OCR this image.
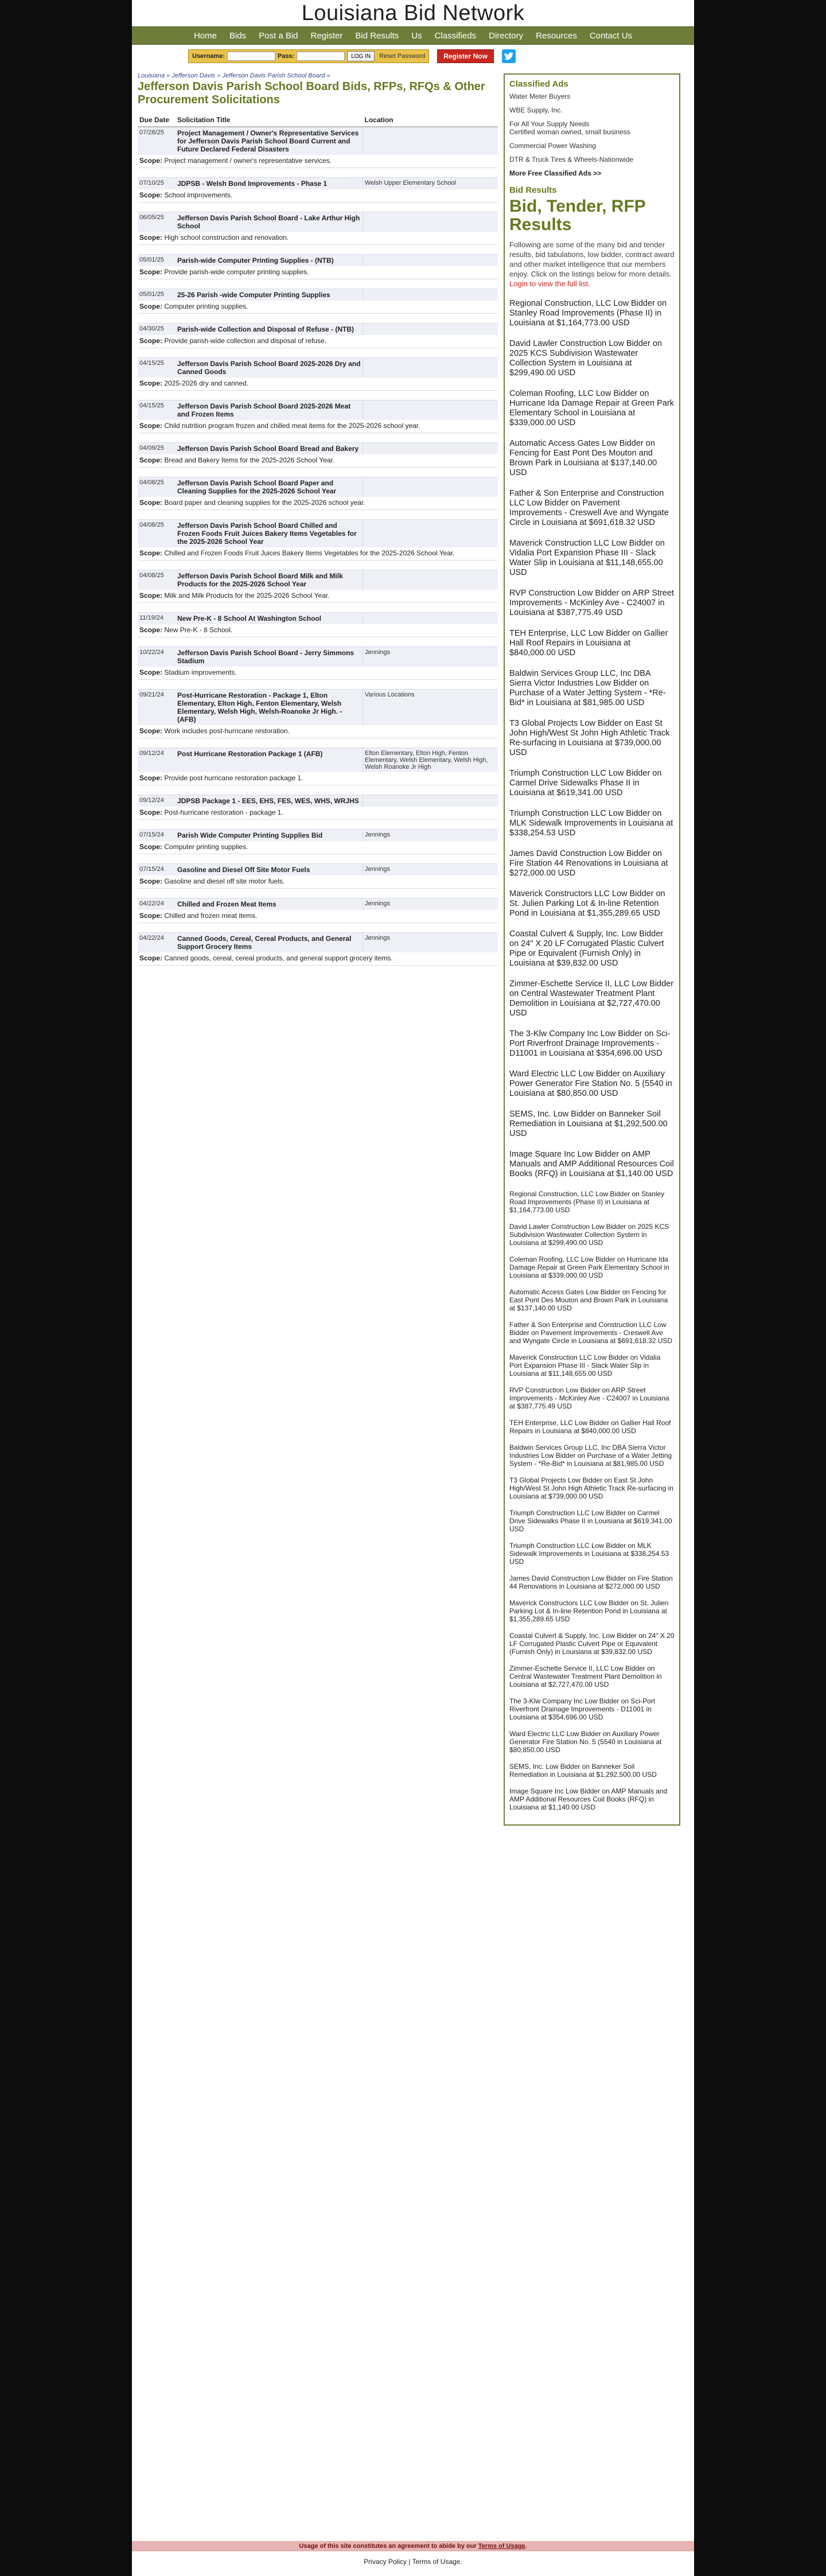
Louisiana Bid Network
Home	Bids	Post a Bid	Register	Bid Results	Us	Classifieds	Directory	Resources	Contact Us
Username:	Pass:	LOG IN	Reset Password	Register Now
Louisiana » Jefferson Davis » Jefferson Davis Parish School Board »
Jefferson Davis Parish School Board Bids, RFPs, RFQs & Other Procurement Solicitations
Due Date	Solicitation Title	Location
07/28/25	Project Management / Owner's Representative Services for Jefferson Davis Parish School Board Current and Future Declared Federal Disasters	
Scope: Project management / owner's representative services.		

07/10/25	JDPSB - Welsh Bond Improvements - Phase 1	Welsh Upper Elementary School
Scope: School improvements.		

06/05/25	Jefferson Davis Parish School Board - Lake Arthur High School	
Scope: High school construction and renovation.		

05/01/25	Parish-wide Computer Printing Supplies - (NTB)	
Scope: Provide parish-wide computer printing supplies.		

05/01/25	25-26 Parish -wide Computer Printing Supplies	
Scope: Computer printing supplies.		

04/30/25	Parish-wide Collection and Disposal of Refuse - (NTB)	
Scope: Provide parish-wide collection and disposal of refuse.		

04/15/25	Jefferson Davis Parish School Board 2025-2026 Dry and Canned Goods	
Scope: 2025-2026 dry and canned.		

04/15/25	Jefferson Davis Parish School Board 2025-2026 Meat and Frozen Items	
Scope: Child nutrition program frozen and chilled meat items for the 2025-2026 school year.		

04/09/25	Jefferson Davis Parish School Board Bread and Bakery	
Scope: Bread and Bakery Items for the 2025-2026 School Year.		

04/08/25	Jefferson Davis Parish School Board Paper and Cleaning Supplies for the 2025-2026 School Year	
Scope: Board paper and cleaning supplies for the 2025-2026 school year.		

04/08/25	Jefferson Davis Parish School Board Chilled and Frozen Foods Fruit Juices Bakery Items Vegetables for the 2025-2026 School Year	
Scope: Chilled and Frozen Foods Fruit Juices Bakery Items Vegetables for the 2025-2026 School Year.		

04/08/25	Jefferson Davis Parish School Board Milk and Milk Products for the 2025-2026 School Year	
Scope: Milk and Milk Products for the 2025-2026 School Year.		

11/19/24	New Pre-K - 8 School At Washington School	
Scope: New Pre-K - 8 School.		

10/22/24	Jefferson Davis Parish School Board - Jerry Simmons Stadium	Jennings
Scope: Stadium improvements.		

09/21/24	Post-Hurricane Restoration - Package 1, Elton Elementary, Elton High, Fenton Elementary, Welsh Elementary, Welsh High, Welsh-Roanoke Jr High. - (AFB)	Various Locations
Scope: Work includes post-hurricane restoration.		

09/12/24	Post Hurricane Restoration Package 1 (AFB)	Elton Elementary, Elton High, Fenton Elementary, Welsh Elementary, Welsh High, Welsh Roanoke Jr High
Scope: Provide post hurricane restoration package 1.		

09/12/24	JDPSB Package 1 - EES, EHS, FES, WES, WHS, WRJHS	
Scope: Post-hurricane restoration - package 1.		

07/15/24	Parish Wide Computer Printing Supplies Bid	Jennings
Scope: Computer printing supplies.		

07/15/24	Gasoline and Diesel Off Site Motor Fuels	Jennings
Scope: Gasoline and diesel off site motor fuels.		

04/22/24	Chilled and Frozen Meat Items	Jennings
Scope: Chilled and frozen meat items.		

04/22/24	Canned Goods, Cereal, Cereal Products, and General Support Grocery Items	Jennings
Scope: Canned goods, cereal, cereal products, and general support grocery items.		

Classified Ads
Water Meter Buyers
WBE Supply, Inc.
For All Your Supply Needs
Certified woman owned, small business
Commercial Power Washing
DTR & Truck Tires & Wheels-Nationwide
More Free Classified Ads >>
Bid Results
Bid, Tender, RFP Results
Following are some of the many bid and tender results, bid tabulations, low bidder, contract award and other market intelligence that our members enjoy. Click on the listings below for more details. Login to view the full list.
Regional Construction, LLC Low Bidder on Stanley Road Improvements (Phase II) in Louisiana at $1,164,773.00 USD
David Lawler Construction Low Bidder on 2025 KCS Subdivision Wastewater Collection System in Louisiana at $299,490.00 USD
Coleman Roofing, LLC Low Bidder on Hurricane Ida Damage Repair at Green Park Elementary School in Louisiana at $339,000.00 USD
Automatic Access Gates Low Bidder on Fencing for East Pont Des Mouton and Brown Park in Louisiana at $137,140.00 USD
Father & Son Enterprise and Construction LLC Low Bidder on Pavement Improvements - Creswell Ave and Wyngate Circle in Louisiana at $691,618.32 USD
Maverick Construction LLC Low Bidder on Vidalia Port Expansion Phase III - Slack Water Slip in Louisiana at $11,148,655.00 USD
RVP Construction Low Bidder on ARP Street Improvements - McKinley Ave - C24007 in Louisiana at $387,775.49 USD
TEH Enterprise, LLC Low Bidder on Gallier Hall Roof Repairs in Louisiana at $840,000.00 USD
Baldwin Services Group LLC, Inc DBA Sierra Victor Industries Low Bidder on Purchase of a Water Jetting System - *Re-Bid* in Louisiana at $81,985.00 USD
T3 Global Projects Low Bidder on East St John High/West St John High Athletic Track Re-surfacing in Louisiana at $739,000.00 USD
Triumph Construction LLC Low Bidder on Carmel Drive Sidewalks Phase II in Louisiana at $619,341.00 USD
Triumph Construction LLC Low Bidder on MLK Sidewalk Improvements in Louisiana at $338,254.53 USD
James David Construction Low Bidder on Fire Station 44 Renovations in Louisiana at $272,000.00 USD
Maverick Constructors LLC Low Bidder on St. Julien Parking Lot & In-line Retention Pond in Louisiana at $1,355,289.65 USD
Coastal Culvert & Supply, Inc. Low Bidder on 24" X 20 LF Corrugated Plastic Culvert Pipe or Equivalent (Furnish Only) in Louisiana at $39,832.00 USD
Zimmer-Eschette Service II, LLC Low Bidder on Central Wastewater Treatment Plant Demolition in Louisiana at $2,727,470.00 USD
The 3-Klw Company Inc Low Bidder on Sci-Port Riverfront Drainage Improvements - D11001 in Louisiana at $354,696.00 USD
Ward Electric LLC Low Bidder on Auxiliary Power Generator Fire Station No. 5 (5540 in Louisiana at $80,850.00 USD
SEMS, Inc. Low Bidder on Banneker Soil Remediation in Louisiana at $1,292,500.00 USD
Image Square Inc Low Bidder on AMP Manuals and AMP Additional Resources Coil Books (RFQ) in Louisiana at $1,140.00 USD
Regional Construction, LLC Low Bidder on Stanley Road Improvements (Phase II) in Louisiana at $1,164,773.00 USD
David Lawler Construction Low Bidder on 2025 KCS Subdivision Wastewater Collection System in Louisiana at $299,490.00 USD
Coleman Roofing, LLC Low Bidder on Hurricane Ida Damage Repair at Green Park Elementary School in Louisiana at $339,000.00 USD
Automatic Access Gates Low Bidder on Fencing for East Pont Des Mouton and Brown Park in Louisiana at $137,140.00 USD
Father & Son Enterprise and Construction LLC Low Bidder on Pavement Improvements - Creswell Ave and Wyngate Circle in Louisiana at $691,618.32 USD
Maverick Construction LLC Low Bidder on Vidalia Port Expansion Phase III - Slack Water Slip in Louisiana at $11,148,655.00 USD
RVP Construction Low Bidder on ARP Street Improvements - McKinley Ave - C24007 in Louisiana at $387,775.49 USD
TEH Enterprise, LLC Low Bidder on Gallier Hall Roof Repairs in Louisiana at $840,000.00 USD
Baldwin Services Group LLC, Inc DBA Sierra Victor Industries Low Bidder on Purchase of a Water Jetting System - *Re-Bid* in Louisiana at $81,985.00 USD
T3 Global Projects Low Bidder on East St John High/West St John High Athletic Track Re-surfacing in Louisiana at $739,000.00 USD
Triumph Construction LLC Low Bidder on Carmel Drive Sidewalks Phase II in Louisiana at $619,341.00 USD
Triumph Construction LLC Low Bidder on MLK Sidewalk Improvements in Louisiana at $338,254.53 USD
James David Construction Low Bidder on Fire Station 44 Renovations in Louisiana at $272,000.00 USD
Maverick Constructors LLC Low Bidder on St. Julien Parking Lot & In-line Retention Pond in Louisiana at $1,355,289.65 USD
Coastal Culvert & Supply, Inc. Low Bidder on 24" X 20 LF Corrugated Plastic Culvert Pipe or Equivalent (Furnish Only) in Louisiana at $39,832.00 USD
Zimmer-Eschette Service II, LLC Low Bidder on Central Wastewater Treatment Plant Demolition in Louisiana at $2,727,470.00 USD
The 3-Klw Company Inc Low Bidder on Sci-Port Riverfront Drainage Improvements - D11001 in Louisiana at $354,696.00 USD
Ward Electric LLC Low Bidder on Auxiliary Power Generator Fire Station No. 5 (5540 in Louisiana at $80,850.00 USD
SEMS, Inc. Low Bidder on Banneker Soil Remediation in Louisiana at $1,292,500.00 USD
Image Square Inc Low Bidder on AMP Manuals and AMP Additional Resources Coil Books (RFQ) in Louisiana at $1,140.00 USD
Usage of this site constitutes an agreement to abide by our Terms of Usage.
Privacy Policy | Terms of Usage.
